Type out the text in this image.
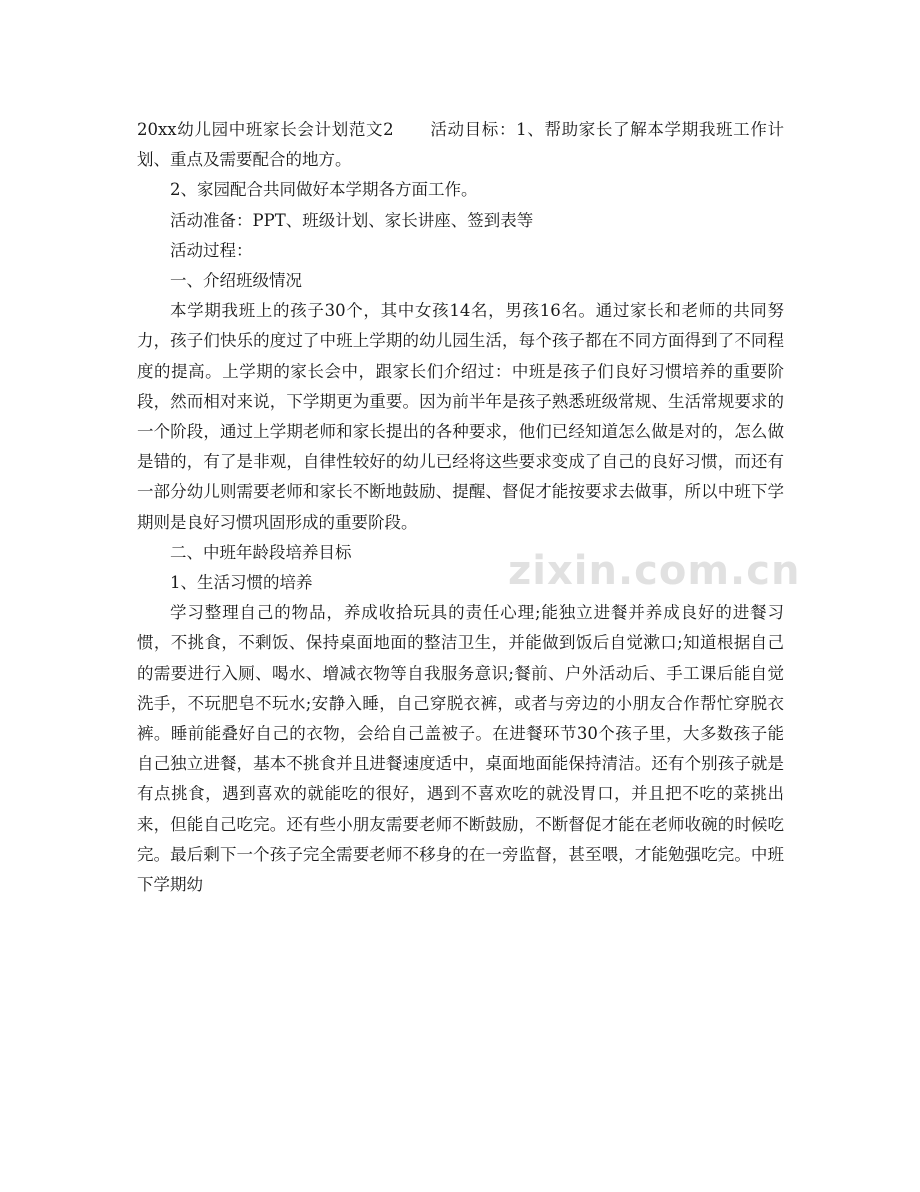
20xx幼儿园中班家长会计划范文2 活动目标：1、帮助家长了解本学期我班工作计划、重点及需要配合的地方。

2、家园配合共同做好本学期各方面工作。

活动准备：PPT、班级计划、家长讲座、签到表等

活动过程：

一、介绍班级情况

本学期我班上的孩子30个，其中女孩14名，男孩16名。通过家长和老师的共同努力，孩子们快乐的度过了中班上学期的幼儿园生活，每个孩子都在不同方面得到了不同程度的提高。上学期的家长会中，跟家长们介绍过：中班是孩子们良好习惯培养的重要阶段，然而相对来说，下学期更为重要。因为前半年是孩子熟悉班级常规、生活常规要求的一个阶段，通过上学期老师和家长提出的各种要求，他们已经知道怎么做是对的，怎么做是错的，有了是非观，自律性较好的幼儿已经将这些要求变成了自己的良好习惯，而还有一部分幼儿则需要老师和家长不断地鼓励、提醒、督促才能按要求去做事，所以中班下学期则是良好习惯巩固形成的重要阶段。

二、中班年龄段培养目标

1、生活习惯的培养

学习整理自己的物品，养成收拾玩具的责任心理;能独立进餐并养成良好的进餐习惯，不挑食，不剩饭、保持桌面地面的整洁卫生，并能做到饭后自觉漱口;知道根据自己的需要进行入厕、喝水、增减衣物等自我服务意识;餐前、户外活动后、手工课后能自觉洗手，不玩肥皂不玩水;安静入睡，自己穿脱衣裤，或者与旁边的小朋友合作帮忙穿脱衣裤。睡前能叠好自己的衣物，会给自己盖被子。在进餐环节30个孩子里，大多数孩子能自己独立进餐，基本不挑食并且进餐速度适中，桌面地面能保持清洁。还有个别孩子就是有点挑食，遇到喜欢的就能吃的很好，遇到不喜欢吃的就没胃口，并且把不吃的菜挑出来，但能自己吃完。还有些小朋友需要老师不断鼓励，不断督促才能在老师收碗的时候吃完。最后剩下一个孩子完全需要老师不移身的在一旁监督，甚至喂，才能勉强吃完。中班下学期幼

zixin.com.cn
